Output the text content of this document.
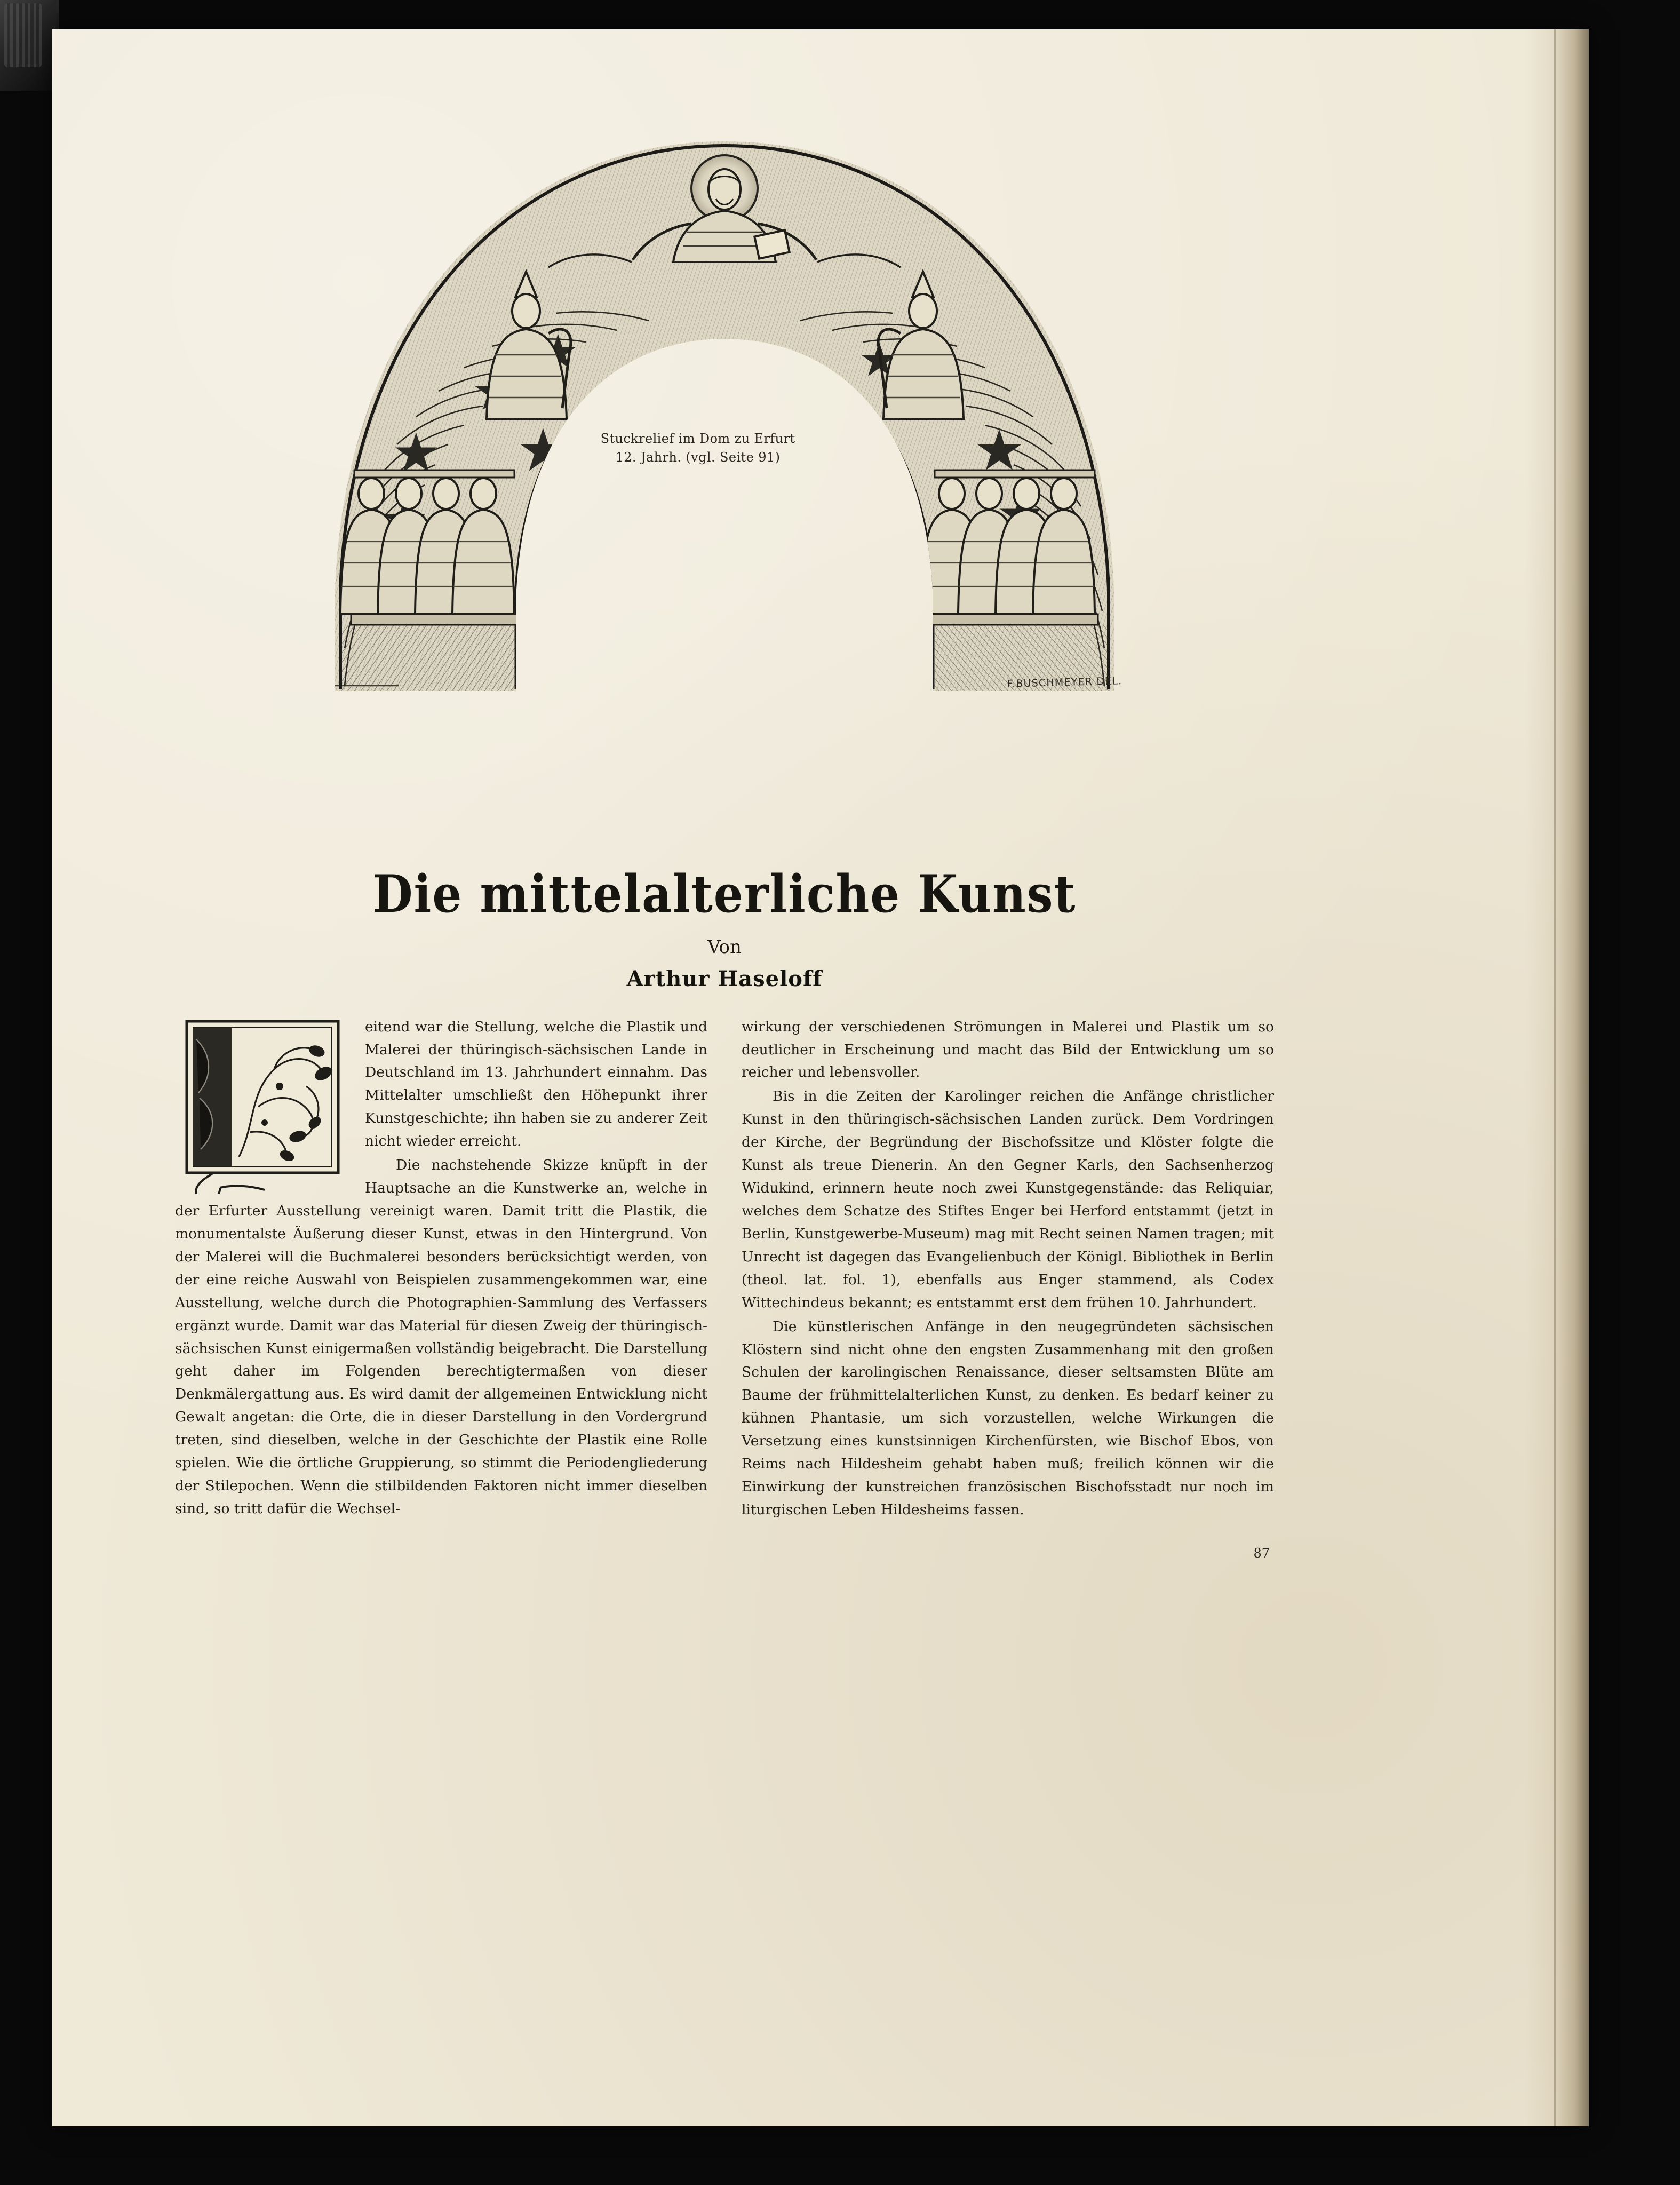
Stuckrelief im Dom zu Erfurt
12. Jahrh. (vgl. Seite 91)
F.BUSCHMEYER DEL.
Die mittelalterliche Kunst
Von
Arthur Haseloff

eitend war die Stellung, welche die Plastik und Malerei der thüringisch-sächsischen Lande in Deutschland im 13. Jahrhundert einnahm. Das Mittelalter umschließt den Höhepunkt ihrer Kunstgeschichte; ihn haben sie zu anderer Zeit nicht wieder erreicht.

Die nachstehende Skizze knüpft in der Hauptsache an die Kunstwerke an, welche in der Erfurter Ausstellung vereinigt waren. Damit tritt die Plastik, die monumentalste Äußerung dieser Kunst, etwas in den Hintergrund. Von der Malerei will die Buchmalerei besonders berücksichtigt werden, von der eine reiche Auswahl von Beispielen zusammengekommen war, eine Ausstellung, welche durch die Photographien-Sammlung des Verfassers ergänzt wurde. Damit war das Material für diesen Zweig der thüringisch-sächsischen Kunst einigermaßen vollständig beigebracht. Die Darstellung geht daher im Folgenden berechtigtermaßen von dieser Denkmälergattung aus. Es wird damit der allgemeinen Entwicklung nicht Gewalt angetan: die Orte, die in dieser Darstellung in den Vordergrund treten, sind dieselben, welche in der Geschichte der Plastik eine Rolle spielen. Wie die örtliche Gruppierung, so stimmt die Periodengliederung der Stilepochen. Wenn die stilbildenden Faktoren nicht immer dieselben sind, so tritt dafür die Wechsel-

wirkung der verschiedenen Strömungen in Malerei und Plastik um so deutlicher in Erscheinung und macht das Bild der Entwicklung um so reicher und lebensvoller.

Bis in die Zeiten der Karolinger reichen die Anfänge christlicher Kunst in den thüringisch-sächsischen Landen zurück. Dem Vordringen der Kirche, der Begründung der Bischofssitze und Klöster folgte die Kunst als treue Dienerin. An den Gegner Karls, den Sachsenherzog Widukind, erinnern heute noch zwei Kunstgegenstände: das Reliquiar, welches dem Schatze des Stiftes Enger bei Herford entstammt (jetzt in Berlin, Kunstgewerbe-Museum) mag mit Recht seinen Namen tragen; mit Unrecht ist dagegen das Evangelienbuch der Königl. Bibliothek in Berlin (theol. lat. fol. 1), ebenfalls aus Enger stammend, als Codex Wittechindeus bekannt; es entstammt erst dem frühen 10. Jahrhundert.

Die künstlerischen Anfänge in den neugegründeten sächsischen Klöstern sind nicht ohne den engsten Zusammenhang mit den großen Schulen der karolingischen Renaissance, dieser seltsamsten Blüte am Baume der frühmittelalterlichen Kunst, zu denken. Es bedarf keiner zu kühnen Phantasie, um sich vorzustellen, welche Wirkungen die Versetzung eines kunstsinnigen Kirchenfürsten, wie Bischof Ebos, von Reims nach Hildesheim gehabt haben muß; freilich können wir die Einwirkung der kunstreichen französischen Bischofsstadt nur noch im liturgischen Leben Hildesheims fassen.

87
